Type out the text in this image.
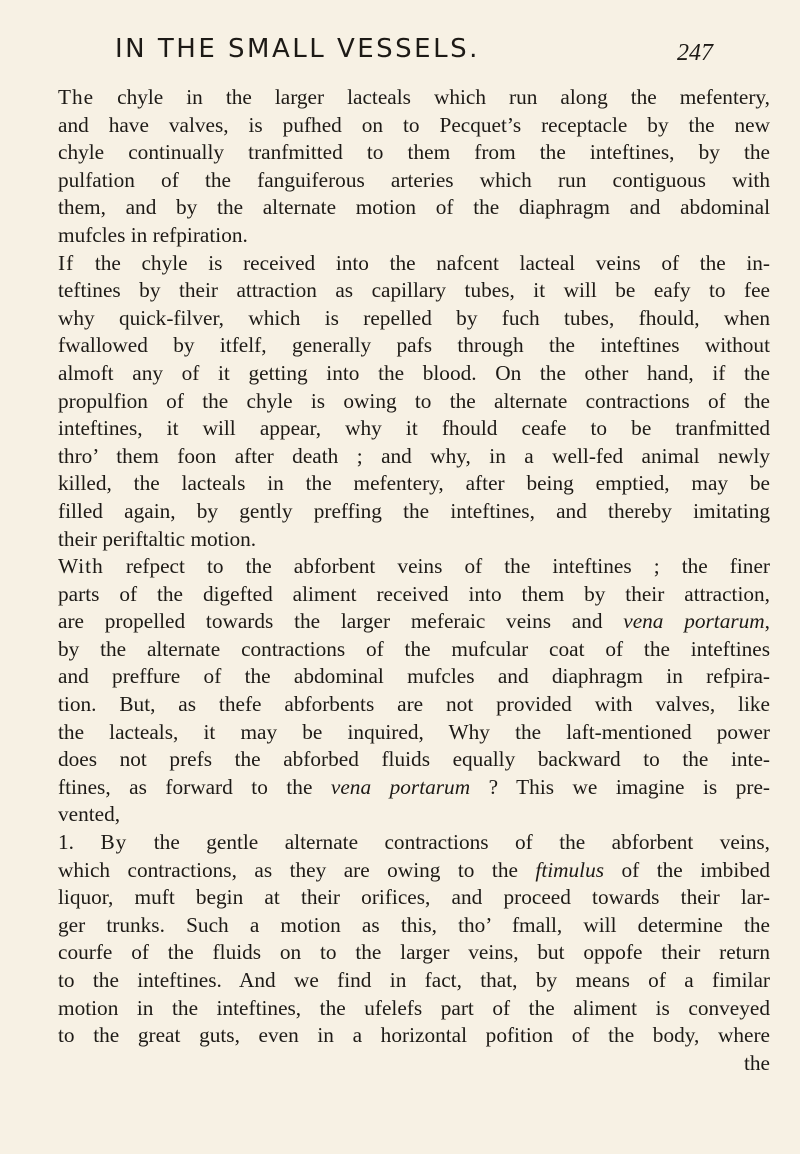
IN THE SMALL VESSELS.	247
The chyle in the larger lacteals which run along the mefentery,
and have valves, is pufhed on to Pecquet’s receptacle by the new
chyle continually tranfmitted to them from the inteftines, by the
pulfation of the fanguiferous arteries which run contiguous with
them, and by the alternate motion of the diaphragm and abdominal
mufcles in refpiration.
If the chyle is received into the nafcent lacteal veins of the in-
teftines by their attraction as capillary tubes, it will be eafy to fee
why quick-filver, which is repelled by fuch tubes, fhould, when
fwallowed by itfelf, generally pafs through the inteftines without
almoft any of it getting into the blood. On the other hand, if the
propulfion of the chyle is owing to the alternate contractions of the
inteftines, it will appear, why it fhould ceafe to be tranfmitted
thro’ them foon after death ; and why, in a well-fed animal newly
killed, the lacteals in the mefentery, after being emptied, may be
filled again, by gently preffing the inteftines, and thereby imitating
their periftaltic motion.
With refpect to the abforbent veins of the inteftines ; the finer
parts of the digefted aliment received into them by their attraction,
are propelled towards the larger meferaic veins and vena portarum,
by the alternate contractions of the mufcular coat of the inteftines
and preffure of the abdominal mufcles and diaphragm in refpira-
tion. But, as thefe abforbents are not provided with valves, like
the lacteals, it may be inquired, Why the laft-mentioned power
does not prefs the abforbed fluids equally backward to the inte-
ftines, as forward to the vena portarum ? This we imagine is pre-
vented,
1. By the gentle alternate contractions of the abforbent veins,
which contractions, as they are owing to the ftimulus of the imbibed
liquor, muft begin at their orifices, and proceed towards their lar-
ger trunks. Such a motion as this, tho’ fmall, will determine the
courfe of the fluids on to the larger veins, but oppofe their return
to the inteftines. And we find in fact, that, by means of a fimilar
motion in the inteftines, the ufelefs part of the aliment is conveyed
to the great guts, even in a horizontal pofition of the body, where
the
